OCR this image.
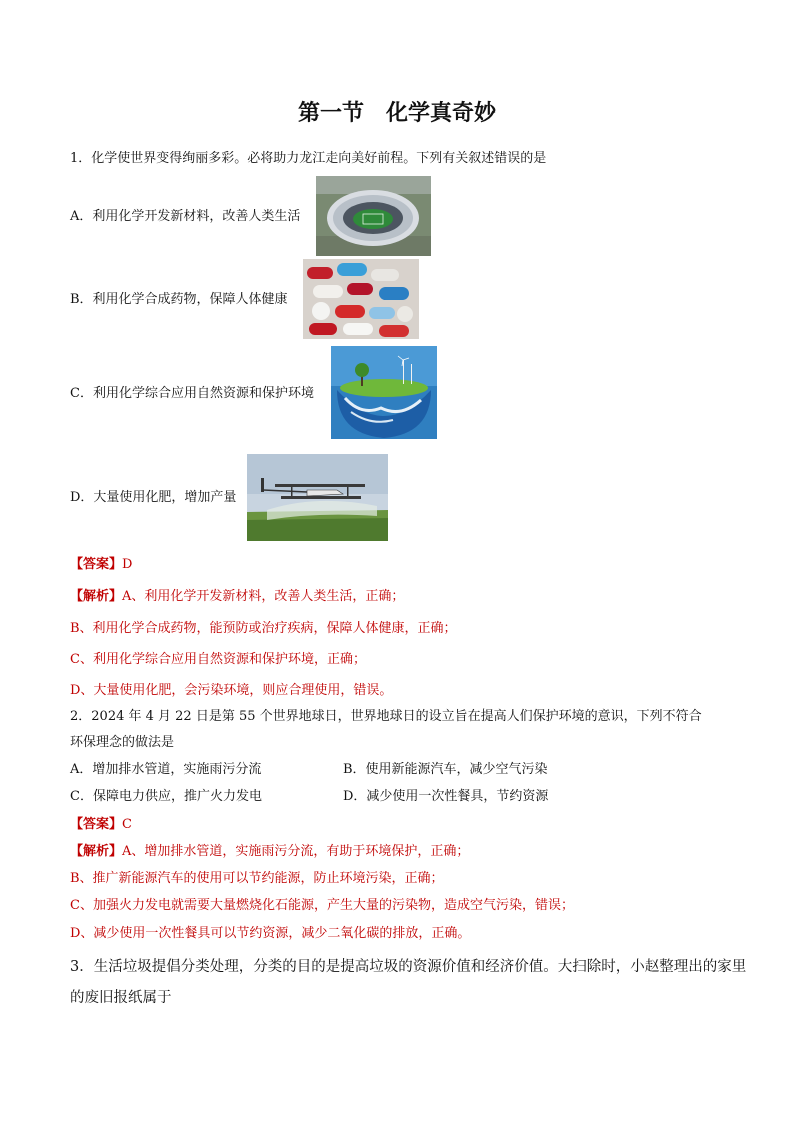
第一节　化学真奇妙
1．化学使世界变得绚丽多彩。必将助力龙江走向美好前程。下列有关叙述错误的是
A．利用化学开发新材料，改善人类生活
B．利用化学合成药物，保障人体健康
C．利用化学综合应用自然资源和保护环境
D．大量使用化肥，增加产量
【答案】D
【解析】A、利用化学开发新材料，改善人类生活，正确；
B、利用化学合成药物，能预防或治疗疾病，保障人体健康，正确；
C、利用化学综合应用自然资源和保护环境，正确；
D、大量使用化肥，会污染环境，则应合理使用，错误。
2．2024 年 4 月 22 日是第 55 个世界地球日，世界地球日的设立旨在提高人们保护环境的意识，下列不符合
环保理念的做法是
A．增加排水管道，实施雨污分流	B．使用新能源汽车，减少空气污染
C．保障电力供应，推广火力发电	D．减少使用一次性餐具，节约资源
【答案】C
【解析】A、增加排水管道，实施雨污分流，有助于环境保护，正确；
B、推广新能源汽车的使用可以节约能源，防止环境污染，正确；
C、加强火力发电就需要大量燃烧化石能源，产生大量的污染物，造成空气污染，错误；
D、减少使用一次性餐具可以节约资源，减少二氧化碳的排放，正确。
3．生活垃圾提倡分类处理，分类的目的是提高垃圾的资源价值和经济价值。大扫除时，小赵整理出的家里
的废旧报纸属于
